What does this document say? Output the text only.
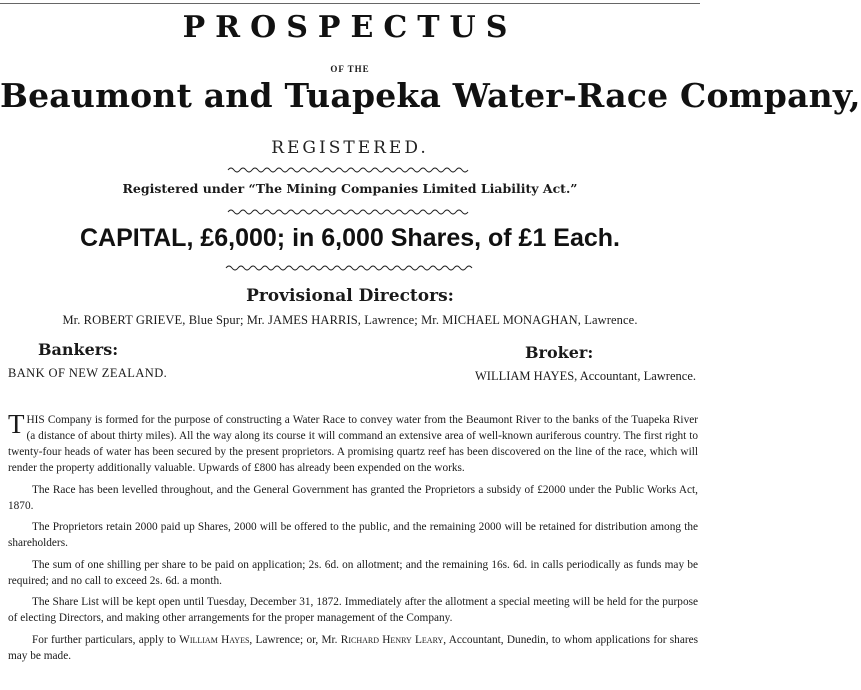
PROSPECTUS
OF THE
Beaumont and Tuapeka Water-Race Company,
REGISTERED.
Registered under “The Mining Companies Limited Liability Act.”
CAPITAL, £6,000; in 6,000 Shares, of £1 Each.
Provisional Directors:
Mr. ROBERT GRIEVE, Blue Spur; Mr. JAMES HARRIS, Lawrence; Mr. MICHAEL MONAGHAN, Lawrence.
Bankers:	Broker:
BANK OF NEW ZEALAND.	WILLIAM HAYES, Accountant, Lawrence.

THIS Company is formed for the purpose of constructing a Water Race to convey water from the Beaumont River to the banks of the Tuapeka River (a distance of about thirty miles). All the way along its course it will command an extensive area of well-known auriferous country. The first right to twenty-four heads of water has been secured by the present proprietors. A promising quartz reef has been discovered on the line of the race, which will render the property additionally valuable. Upwards of £800 has already been expended on the works.

The Race has been levelled throughout, and the General Government has granted the Proprietors a subsidy of £2000 under the Public Works Act, 1870.

The Proprietors retain 2000 paid up Shares, 2000 will be offered to the public, and the remaining 2000 will be retained for distribution among the shareholders.

The sum of one shilling per share to be paid on application; 2s. 6d. on allotment; and the remaining 16s. 6d. in calls periodically as funds may be required; and no call to exceed 2s. 6d. a month.

The Share List will be kept open until Tuesday, December 31, 1872. Immediately after the allotment a special meeting will be held for the purpose of electing Directors, and making other arrangements for the proper management of the Company.

For further particulars, apply to William Hayes, Lawrence; or, Mr. Richard Henry Leary, Accountant, Dunedin, to whom applications for shares may be made.
